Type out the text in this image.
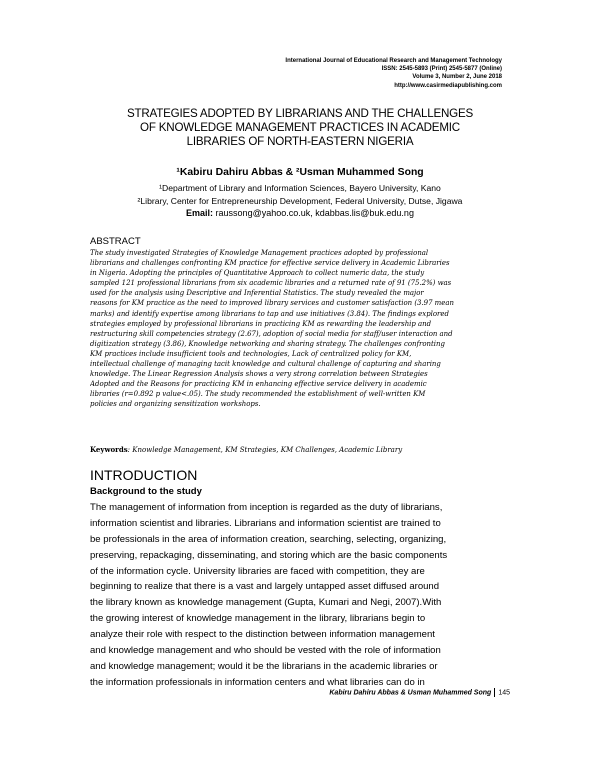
International Journal of Educational Research and Management Technology
ISSN: 2545-5893 (Print) 2545-5877 (Online)
Volume 3, Number 2, June 2018
http://www.casirmediapublishing.com
STRATEGIES ADOPTED BY LIBRARIANS AND THE CHALLENGES
OF KNOWLEDGE MANAGEMENT PRACTICES IN ACADEMIC
LIBRARIES OF NORTH-EASTERN NIGERIA
¹Kabiru Dahiru Abbas & ²Usman Muhammed Song
¹Department of Library and Information Sciences, Bayero University, Kano
²Library, Center for Entrepreneurship Development, Federal University, Dutse, Jigawa
Email: raussong@yahoo.co.uk, kdabbas.lis@buk.edu.ng
ABSTRACT
The study investigated Strategies of Knowledge Management practices adopted by professional
librarians and challenges confronting KM practice for effective service delivery in Academic Libraries
in Nigeria. Adopting the principles of Quantitative Approach to collect numeric data, the study
sampled 121 professional librarians from six academic libraries and a returned rate of 91 (75.2%) was
used for the analysis using Descriptive and Inferential Statistics. The study revealed the major
reasons for KM practice as the need to improved library services and customer satisfaction (3.97 mean
marks) and identify expertise among librarians to tap and use initiatives (3.84). The findings explored
strategies employed by professional librarians in practicing KM as rewarding the leadership and
restructuring skill competencies strategy (2.67), adoption of social media for staff/user interaction and
digitization strategy (3.86), Knowledge networking and sharing strategy. The challenges confronting
KM practices include insufficient tools and technologies, Lack of centralized policy for KM,
intellectual challenge of managing tacit knowledge and cultural challenge of capturing and sharing
knowledge. The Linear Regression Analysis shows a very strong correlation between Strategies
Adopted and the Reasons for practicing KM in enhancing effective service delivery in academic
libraries (r=0.892 p value<.05). The study recommended the establishment of well-written KM
policies and organizing sensitization workshops.
Keywords: Knowledge Management, KM Strategies, KM Challenges, Academic Library
INTRODUCTION
Background to the study
The management of information from inception is regarded as the duty of librarians,
information scientist and libraries. Librarians and information scientist are trained to
be professionals in the area of information creation, searching, selecting, organizing,
preserving, repackaging, disseminating, and storing which are the basic components
of the information cycle. University libraries are faced with competition, they are
beginning to realize that there is a vast and largely untapped asset diffused around
the library known as knowledge management (Gupta, Kumari and Negi, 2007).With
the growing interest of knowledge management in the library, librarians begin to
analyze their role with respect to the distinction between information management
and knowledge management and who should be vested with the role of information
and knowledge management; would it be the librarians in the academic libraries or
the information professionals in information centers and what libraries can do in
Kabiru Dahiru Abbas & Usman Muhammed Song 145
